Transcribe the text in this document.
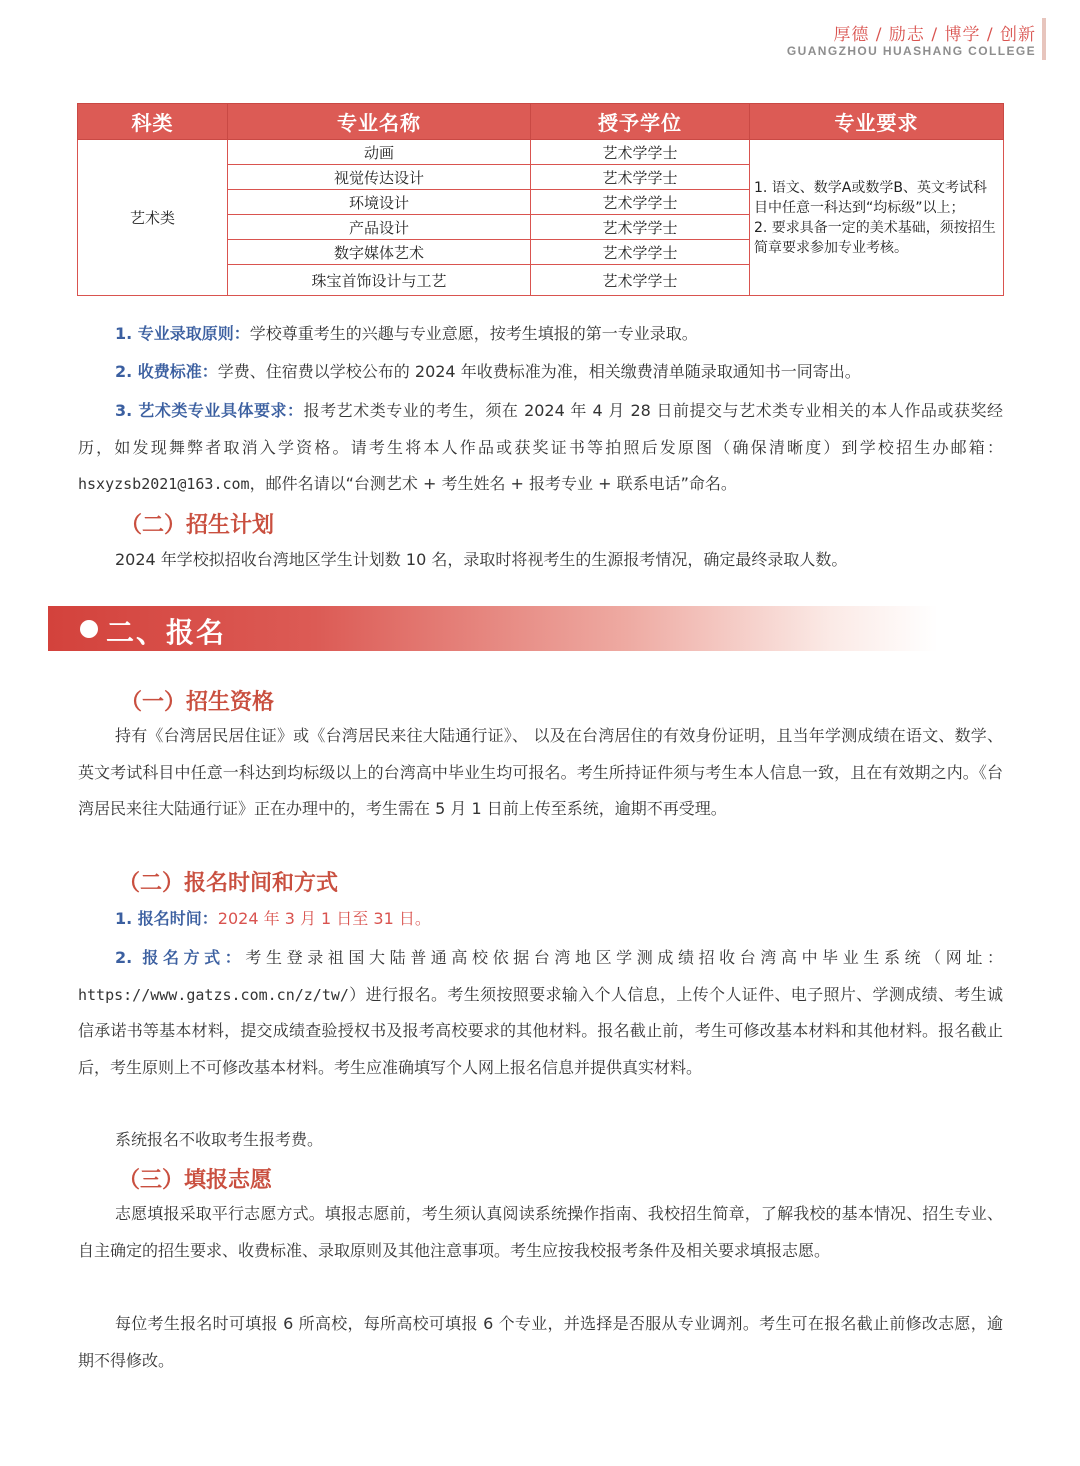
厚德 / 励志 / 博学 / 创新
GUANGZHOU HUASHANG COLLEGE
科类	专业名称	授予学位	专业要求
艺术类	动画	艺术学学士	1. 语文、数学A或数学B、英文考试科目中任意一科达到“均标级”以上；
2. 要求具备一定的美术基础，须按招生简章要求参加专业考核。

	视觉传达设计	艺术学学士	
	环境设计	艺术学学士	
	产品设计	艺术学学士	
	数字媒体艺术	艺术学学士	
	珠宝首饰设计与工艺	艺术学学士	

1. 专业录取原则：学校尊重考生的兴趣与专业意愿，按考生填报的第一专业录取。

2. 收费标准：学费、住宿费以学校公布的 2024 年收费标准为准，相关缴费清单随录取通知书一同寄出。

3. 艺术类专业具体要求：报考艺术类专业的考生，须在 2024 年 4 月 28 日前提交与艺术类专业相关的本人作品或获奖经历，如发现舞弊者取消入学资格。请考生将本人作品或获奖证书等拍照后发原图（确保清晰度）到学校招生办邮箱：hsxyzsb2021@163.com，邮件名请以“台测艺术 + 考生姓名 + 报考专业 + 联系电话”命名。

（二）招生计划

2024 年学校拟招收台湾地区学生计划数 10 名，录取时将视考生的生源报考情况，确定最终录取人数。

二、报名
（一）招生资格

持有《台湾居民居住证》或《台湾居民来往大陆通行证》、 以及在台湾居住的有效身份证明，且当年学测成绩在语文、数学、英文考试科目中任意一科达到均标级以上的台湾高中毕业生均可报名。考生所持证件须与考生本人信息一致，且在有效期之内。《台湾居民来往大陆通行证》正在办理中的，考生需在 5 月 1 日前上传至系统，逾期不再受理。

（二）报名时间和方式

1. 报名时间：2024 年 3 月 1 日至 31 日。

2. 报名方式：考生登录祖国大陆普通高校依据台湾地区学测成绩招收台湾高中毕业生系统（网址：https://www.gatzs.com.cn/z/tw/）进行报名。考生须按照要求输入个人信息，上传个人证件、电子照片、学测成绩、考生诚信承诺书等基本材料，提交成绩查验授权书及报考高校要求的其他材料。报名截止前，考生可修改基本材料和其他材料。报名截止后，考生原则上不可修改基本材料。考生应准确填写个人网上报名信息并提供真实材料。

系统报名不收取考生报考费。

（三）填报志愿

志愿填报采取平行志愿方式。填报志愿前，考生须认真阅读系统操作指南、我校招生简章，了解我校的基本情况、招生专业、自主确定的招生要求、收费标准、录取原则及其他注意事项。考生应按我校报考条件及相关要求填报志愿。

每位考生报名时可填报 6 所高校，每所高校可填报 6 个专业，并选择是否服从专业调剂。考生可在报名截止前修改志愿，逾期不得修改。
